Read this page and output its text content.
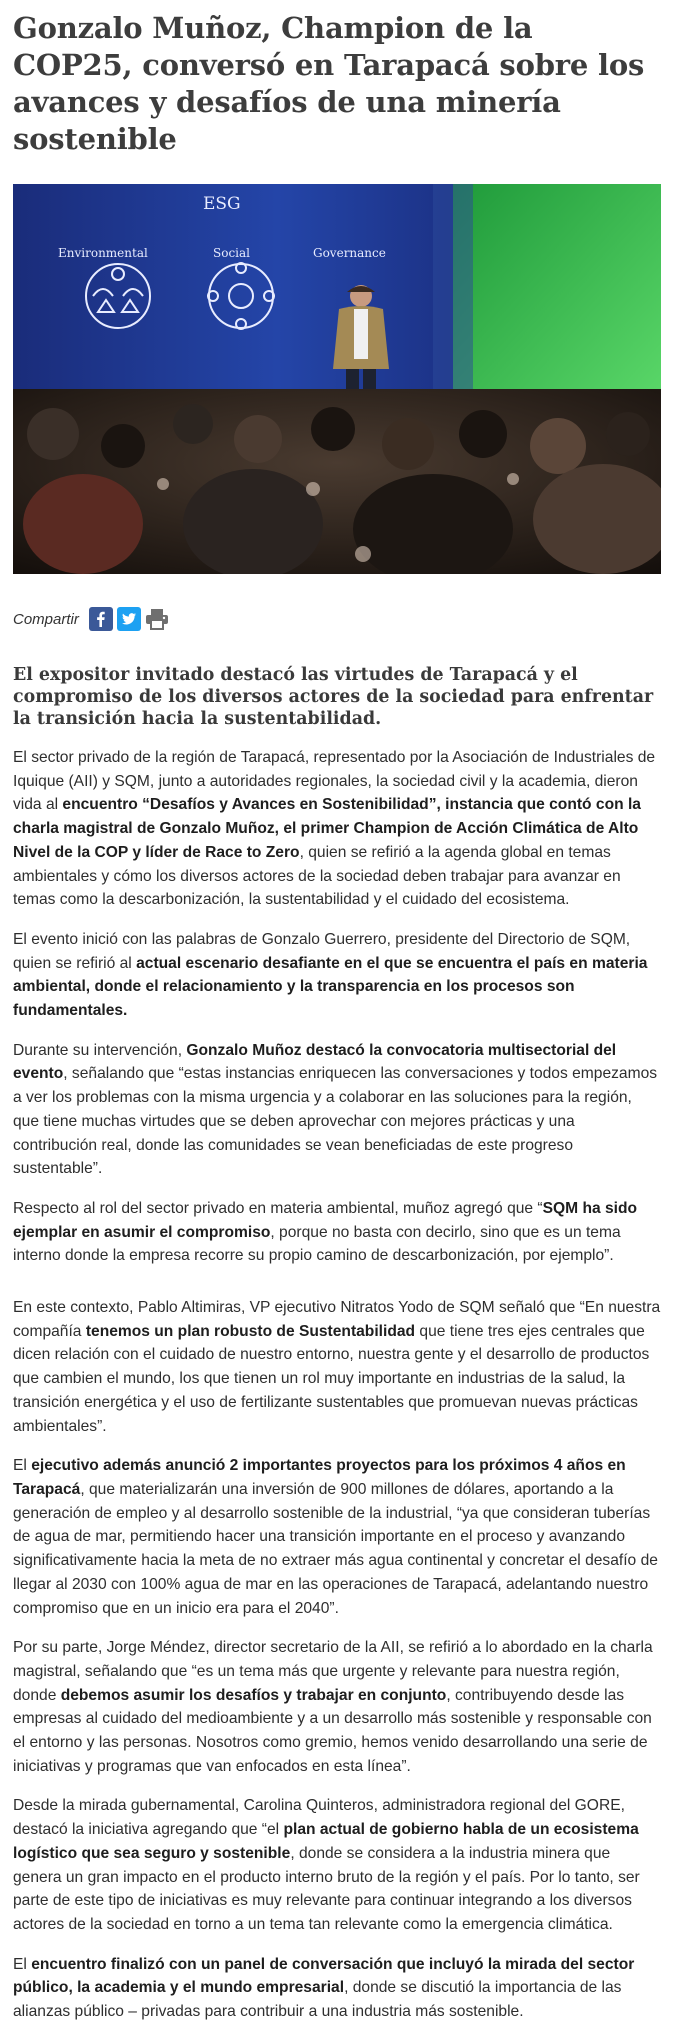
Gonzalo Muñoz, Champion de la COP25, conversó en Tarapacá sobre los avances y desafíos de una minería sostenible
ESG
Environmental	Social	Governance
Compartir

El expositor invitado destacó las virtudes de Tarapacá y el compromiso de los diversos actores de la sociedad para enfrentar la transición hacia la sustentabilidad.

El sector privado de la región de Tarapacá, representado por la Asociación de Industriales de Iquique (AII) y SQM, junto a autoridades regionales, la sociedad civil y la academia, dieron vida al encuentro “Desafíos y Avances en Sostenibilidad”, instancia que contó con la charla magistral de Gonzalo Muñoz, el primer Champion de Acción Climática de Alto Nivel de la COP y líder de Race to Zero, quien se refirió a la agenda global en temas ambientales y cómo los diversos actores de la sociedad deben trabajar para avanzar en temas como la descarbonización, la sustentabilidad y el cuidado del ecosistema.

El evento inició con las palabras de Gonzalo Guerrero, presidente del Directorio de SQM, quien se refirió al actual escenario desafiante en el que se encuentra el país en materia ambiental, donde el relacionamiento y la transparencia en los procesos son fundamentales.

Durante su intervención, Gonzalo Muñoz destacó la convocatoria multisectorial del evento, señalando que “estas instancias enriquecen las conversaciones y todos empezamos a ver los problemas con la misma urgencia y a colaborar en las soluciones para la región, que tiene muchas virtudes que se deben aprovechar con mejores prácticas y una contribución real, donde las comunidades se vean beneficiadas de este progreso sustentable”.

Respecto al rol del sector privado en materia ambiental, muñoz agregó que “SQM ha sido ejemplar en asumir el compromiso, porque no basta con decirlo, sino que es un tema interno donde la empresa recorre su propio camino de descarbonización, por ejemplo”.

En este contexto, Pablo Altimiras, VP ejecutivo Nitratos Yodo de SQM señaló que “En nuestra compañía tenemos un plan robusto de Sustentabilidad que tiene tres ejes centrales que dicen relación con el cuidado de nuestro entorno, nuestra gente y el desarrollo de productos que cambien el mundo, los que tienen un rol muy importante en industrias de la salud, la transición energética y el uso de fertilizante sustentables que promuevan nuevas prácticas ambientales”.

El ejecutivo además anunció 2 importantes proyectos para los próximos 4 años en Tarapacá, que materializarán una inversión de 900 millones de dólares, aportando a la generación de empleo y al desarrollo sostenible de la industrial, “ya que consideran tuberías de agua de mar, permitiendo hacer una transición importante en el proceso y avanzando significativamente hacia la meta de no extraer más agua continental y concretar el desafío de llegar al 2030 con 100% agua de mar en las operaciones de Tarapacá, adelantando nuestro compromiso que en un inicio era para el 2040”.

Por su parte, Jorge Méndez, director secretario de la AII, se refirió a lo abordado en la charla magistral, señalando que “es un tema más que urgente y relevante para nuestra región, donde debemos asumir los desafíos y trabajar en conjunto, contribuyendo desde las empresas al cuidado del medioambiente y a un desarrollo más sostenible y responsable con el entorno y las personas. Nosotros como gremio, hemos venido desarrollando una serie de iniciativas y programas que van enfocados en esta línea”.

Desde la mirada gubernamental, Carolina Quinteros, administradora regional del GORE, destacó la iniciativa agregando que “el plan actual de gobierno habla de un ecosistema logístico que sea seguro y sostenible, donde se considera a la industria minera que genera un gran impacto en el producto interno bruto de la región y el país. Por lo tanto, ser parte de este tipo de iniciativas es muy relevante para continuar integrando a los diversos actores de la sociedad en torno a un tema tan relevante como la emergencia climática.

El encuentro finalizó con un panel de conversación que incluyó la mirada del sector público, la academia y el mundo empresarial, donde se discutió la importancia de las alianzas público – privadas para contribuir a una industria más sostenible.
